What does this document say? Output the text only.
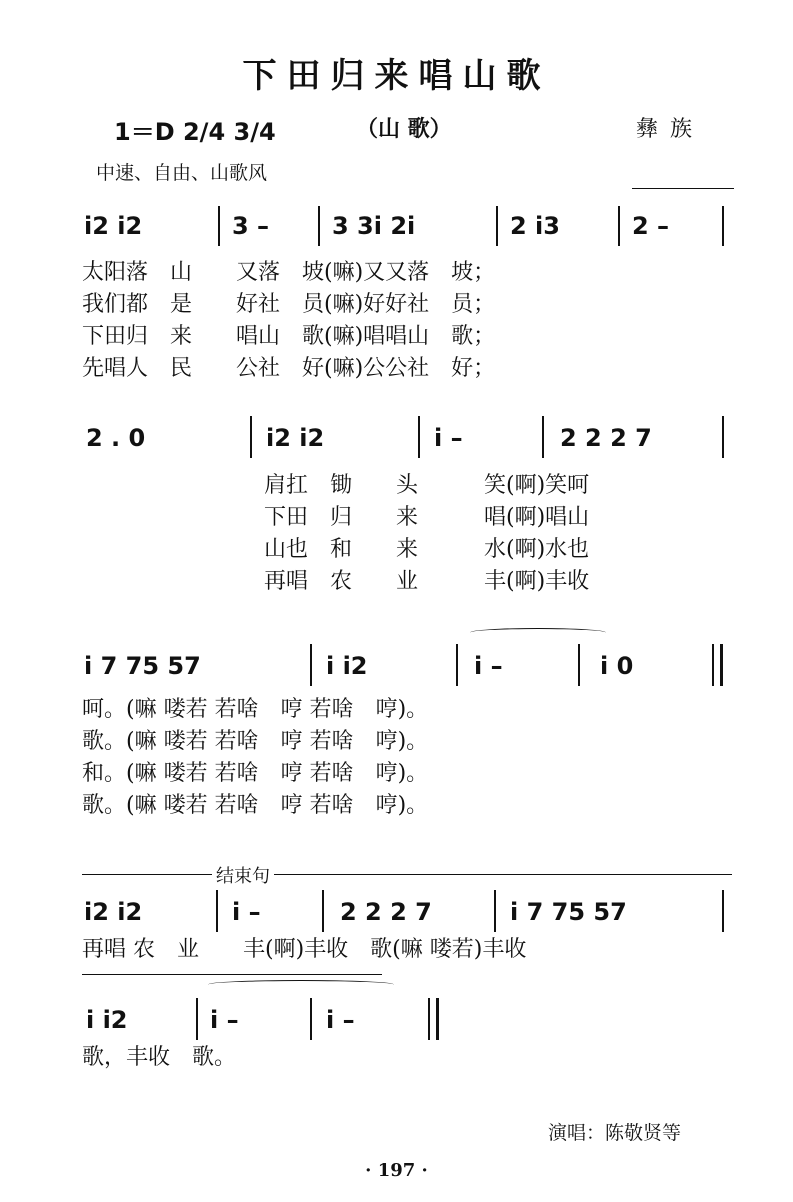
下田归来唱山歌
1＝D 2/4 3/4	（山 歌）	彝族
中速、自由、山歌风
i2 i2	3 –	3 3i 2i	2 i3	2 –
太阳落　山　　又落　坡(嘛)又又落　坡；
我们都　是　　好社　员(嘛)好好社　员；
下田归　来　　唱山　歌(嘛)唱唱山　歌；
先唱人　民　　公社　好(嘛)公公社　好；
2 . 0	i2 i2	i –	2 2 2 7
肩扛　锄　　头　　　笑(啊)笑呵
下田　归　　来　　　唱(啊)唱山
山也　和　　来　　　水(啊)水也
再唱　农　　业　　　丰(啊)丰收
i 7 75 57	i i2	i –	i 0
呵。(嘛 喽若 若啥　哼 若啥　哼)。
歌。(嘛 喽若 若啥　哼 若啥　哼)。
和。(嘛 喽若 若啥　哼 若啥　哼)。
歌。(嘛 喽若 若啥　哼 若啥　哼)。
结束句
i2 i2	i –	2 2 2 7	i 7 75 57
再唱 农　业　　丰(啊)丰收　歌(嘛 喽若)丰收
i i2	i –	i –
歌，丰收　歌。
演唱：陈敬贤等
· 197 ·
